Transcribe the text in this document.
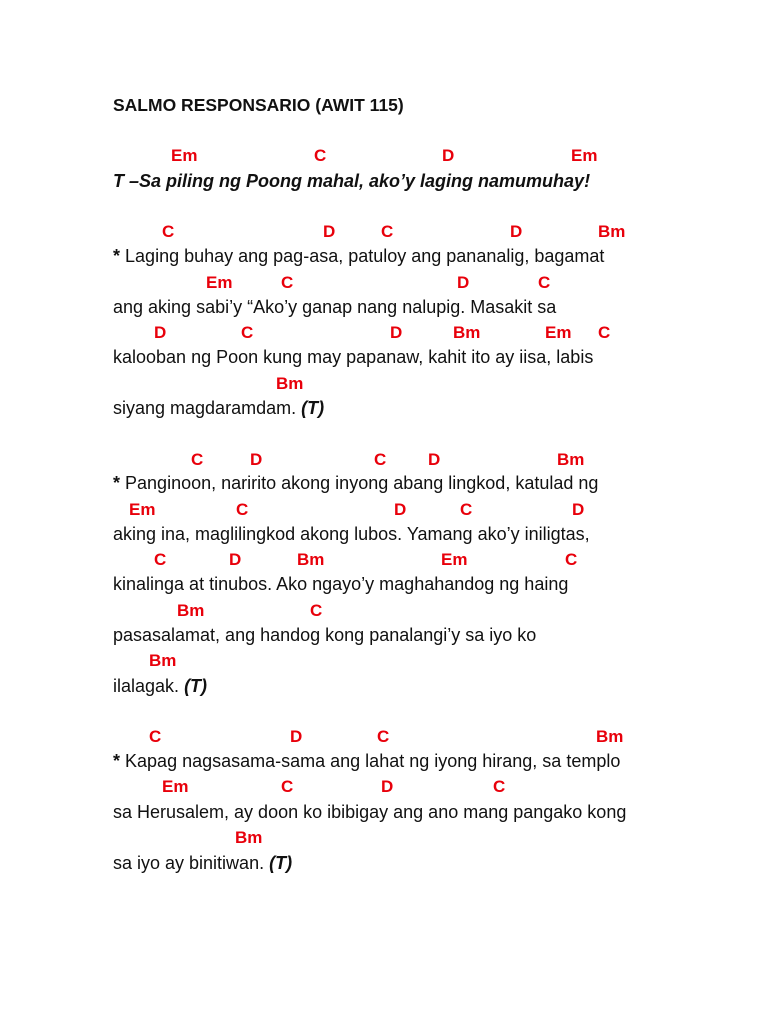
SALMO RESPONSARIO (AWIT 115)
Em	C	D	Em
T –Sa piling ng Poong mahal, ako’y laging namumuhay!
C	D	C	D	Bm
* Laging buhay ang pag-asa, patuloy ang pananalig, bagamat
Em	C	D	C
ang aking sabi’y “Ako’y ganap nang nalupig. Masakit sa
D	C	D	Bm	Em C
kalooban ng Poon kung may papanaw, kahit ito ay iisa, labis
Bm
siyang magdaramdam. (T)
C	D	C D	Bm
* Panginoon, naririto akong inyong abang lingkod, katulad ng
Em	C	D	C	D
aking ina, maglilingkod akong lubos. Yamang ako’y iniligtas,
C	D	Bm	Em	C
kinalinga at tinubos. Ako ngayo’y maghahandog ng haing
Bm	C
pasasalamat, ang handog kong panalangi’y sa iyo ko
Bm
ilalagak. (T)
C	D	C	Bm
* Kapag nagsasama-sama ang lahat ng iyong hirang, sa templo
Em	C	D	C
sa Herusalem, ay doon ko ibibigay ang ano mang pangako kong
Bm
sa iyo ay binitiwan. (T)
